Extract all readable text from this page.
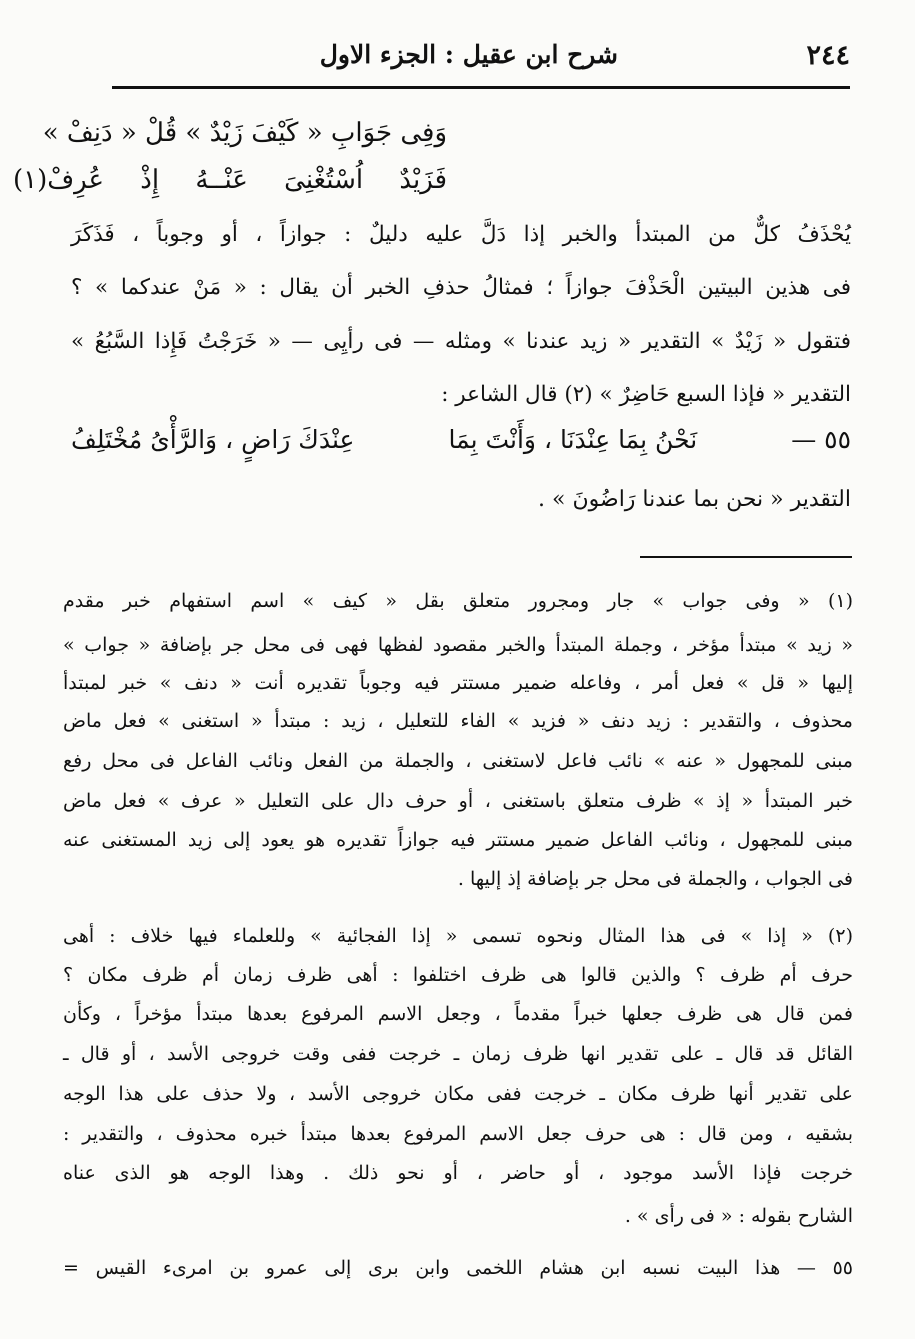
٢٤٤
شرح ابن عقيل : الجزء الاول
وَفِى جَوَابِ « كَيْفَ زَيْدٌ » قُلْ « دَنِفْ »
فَزَيْدٌ اُسْتُغْنِىَ عَنْــهُ إِذْ عُرِفْ(١)
يُحْذَفُ كلٌّ من المبتدأ والخبر إذا دَلَّ عليه دليلٌ : جوازاً ، أو وجوباً ، فَذَكَرَ
فى هذين البيتين الْحَذْفَ جوازاً ؛ فمثالُ حذفِ الخبر أن يقال : « مَنْ عندكما » ؟
فتقول « زَيْدٌ » التقدير « زيد عندنا » ومثله — فى رأيِى — « خَرَجْتُ فَإِذا السَّبُعُ »
التقدير « فإذا السبع حَاضِرٌ » (٢) قال الشاعر :
٥٥ —
نَحْنُ بِمَا عِنْدَنَا ، وَأَنْتَ بِمَا
عِنْدَكَ رَاضٍ ، وَالرَّأْىُ مُخْتَلِفُ
التقدير « نحن بما عندنا رَاضُونَ » .
(١) « وفى جواب » جار ومجرور متعلق بقل « كيف » اسم استفهام خبر مقدم
« زيد » مبتدأ مؤخر ، وجملة المبتدأ والخبر مقصود لفظها فهى فى محل جر بإضافة « جواب »
إليها « قل » فعل أمر ، وفاعله ضمير مستتر فيه وجوباً تقديره أنت « دنف » خبر لمبتدأ
محذوف ، والتقدير : زيد دنف « فزيد » الفاء للتعليل ، زيد : مبتدأ « استغنى » فعل ماض
مبنى للمجهول « عنه » نائب فاعل لاستغنى ، والجملة من الفعل ونائب الفاعل فى محل رفع
خبر المبتدأ « إذ » ظرف متعلق باستغنى ، أو حرف دال على التعليل « عرف » فعل ماض
مبنى للمجهول ، ونائب الفاعل ضمير مستتر فيه جوازاً تقديره هو يعود إلى زيد المستغنى عنه
فى الجواب ، والجملة فى محل جر بإضافة إذ إليها .
(٢) « إذا » فى هذا المثال ونحوه تسمى « إذا الفجائية » وللعلماء فيها خلاف : أهى
حرف أم ظرف ؟ والذين قالوا هى ظرف اختلفوا : أهى ظرف زمان أم ظرف مكان ؟
فمن قال هى ظرف جعلها خبراً مقدماً ، وجعل الاسم المرفوع بعدها مبتدأ مؤخراً ، وكأن
القائل قد قال ـ على تقدير انها ظرف زمان ـ خرجت ففى وقت خروجى الأسد ، أو قال ـ
على تقدير أنها ظرف مكان ـ خرجت ففى مكان خروجى الأسد ، ولا حذف على هذا الوجه
بشقيه ، ومن قال : هى حرف جعل الاسم المرفوع بعدها مبتدأ خبره محذوف ، والتقدير :
خرجت فإذا الأسد موجود ، أو حاضر ، أو نحو ذلك . وهذا الوجه هو الذى عناه
الشارح بقوله : « فى رأى » .
٥٥ — هذا البيت نسبه ابن هشام اللخمى وابن برى إلى عمرو بن امرىء القيس =
